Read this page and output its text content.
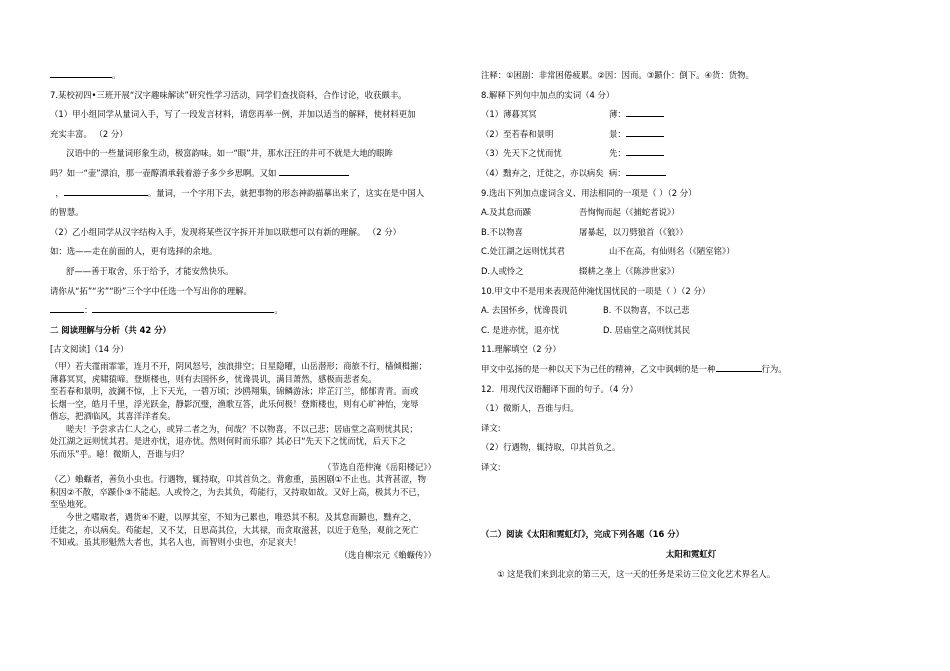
。
7.某校初四•三班开展“汉字趣味解读”研究性学习活动，同学们查找资料，合作讨论，收获颇丰。
（1）甲小组同学从量词入手，写了一段发言材料，请您再举一例，并加以适当的解释，使材料更加
充实丰富。 （2 分）
汉语中的一些量词形象生动，极富韵味。如一“眼”井，那水汪汪的井可不就是大地的眼眸
吗？如一“壶”漂泊，那一壶醇酒承载着游子多少乡思啊。又如
，	。量词，一个字用下去，就把事物的形态神韵描摹出来了，这实在是中国人
的智慧。
（2）乙小组同学从汉字结构入手，发现将某些汉字拆开并加以联想可以有新的理解。 （2 分）
如：选——走在前面的人，更有选择的余地。
舒——善于取舍，乐于给予，才能安然快乐。
请你从“拓”“劣”“盼”三个字中任选一个写出你的理解。
：	。
二 阅读理解与分析（共 42 分）
[古文阅读]（14 分）
（甲）若夫霪雨霏霏，连月不开，阴风怒号，浊浪排空；日星隐曜，山岳潜形；商旅不行，樯倾楫摧；
薄暮冥冥，虎啸猿啼。登斯楼也，则有去国怀乡，忧谗畏讥，满目萧然，感极而悲者矣。
至若春和景明，波澜不惊，上下天光，一碧万顷；沙鸥翔集，锦鳞游泳；岸芷汀兰，郁郁青青。而或
长烟一空，皓月千里，浮光跃金，静影沉璧，渔歌互答，此乐何极！登斯楼也，则有心旷神怡，宠辱
偕忘，把酒临风，其喜洋洋者矣。
嗟夫！予尝求古仁人之心，或异二者之为，何哉？不以物喜，不以己悲；居庙堂之高则忧其民；
处江湖之远则忧其君。是进亦忧，退亦忧。然则何时而乐耶？其必曰“先天下之忧而忧，后天下之
乐而乐”乎。噫！微斯人，吾谁与归？
（节选自范仲淹《岳阳楼记》）
（乙）蝜蝂者，善负小虫也。行遇物，辄持取，卬其首负之。背愈重，虽困剧①不止也。其背甚涩，物
积因②不散，卒踬仆③不能起。人或怜之，为去其负，苟能行，又持取如故。又好上高，极其力不已，
至坠地死。
今世之嗜取者，遇货④不避，以厚其室，不知为己累也，唯恐其不积。及其怠而踬也，黜弃之，
迁徙之，亦以病矣。苟能起，又不艾，日思高其位，大其禄，而贪取滋甚，以近于危坠，观前之死亡
不知戒。虽其形魁然大者也，其名人也，而智则小虫也，亦足哀夫！
（选自柳宗元《蝜蝂传》）
注释：①困剧：非常困倦疲累。②因：因而。③踬仆：倒下。④货：货物。
8.解释下列句中加点的实词（4 分）
（1）薄暮冥冥	薄：
（2）至若春和景明	景：
（3）先天下之忧而忧	先：
（4）黜弃之，迁徙之，亦以病矣 病：
9.选出下列加点虚词含义、用法相同的一项是（ ）（2 分）
A.及其怠而踬	吾恂恂而起（《捕蛇者说》）
B.不以物喜	屠暴起，以刀劈狼首（《狼》）
C.处江湖之远则忧其君	山不在高，有仙则名（《陋室铭》）
D.人或怜之	辍耕之垄上（《陈涉世家》）
10.甲文中不是用来表现范仲淹忧国忧民的一项是（ ）（2 分）
A. 去国怀乡，忧谗畏讥	B. 不以物喜，不以己悲
C. 是进亦忧，退亦忧	D. 居庙堂之高则忧其民
11.理解填空（2 分）
甲文中弘扬的是一种以天下为己任的精神，乙文中讽刺的是一种	行为。
12．用现代汉语翻译下面的句子。（4 分）
（1）微斯人，吾谁与归。
译文:
（2）行遇物，辄持取，卬其首负之。
译文:
（二）阅读《太阳和霓虹灯》，完成下列各题（16 分）
太阳和霓虹灯
① 这是我们来到北京的第三天，这一天的任务是采访三位文化艺术界名人。
